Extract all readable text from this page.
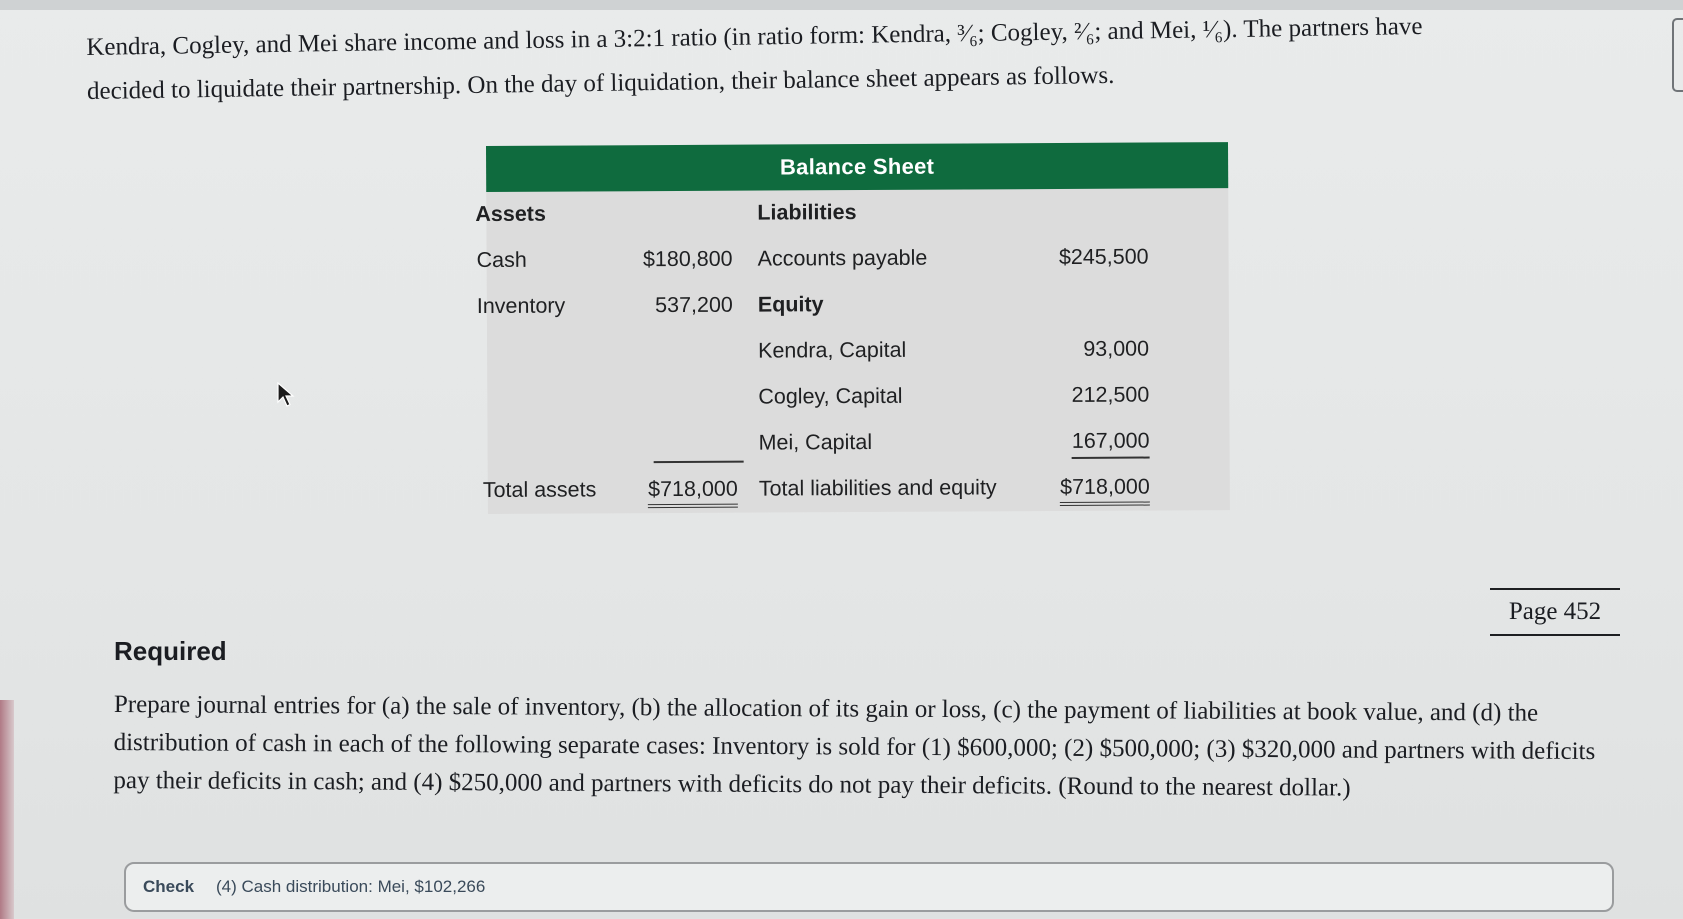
Kendra, Cogley, and Mei share income and loss in a 3:2:1 ratio (in ratio form: Kendra, ³⁄₆; Cogley, ²⁄₆; and Mei, ¹⁄₆). The partners have
decided to liquidate their partnership. On the day of liquidation, their balance sheet appears as follows.
Balance Sheet
Assets	Liabilities
Cash	$180,800 Accounts payable	$245,500
Inventory	537,200 Equity
Kendra, Capital	93,000
Cogley, Capital	212,500
Mei, Capital	167,000
Total assets	$718,000 Total liabilities and equity	$718,000
Page 452
Required
Prepare journal entries for (a) the sale of inventory, (b) the allocation of its gain or loss, (c) the payment of liabilities at book value, and (d) the distribution of cash in each of the following separate cases: Inventory is sold for (1) $600,000; (2) $500,000; (3) $320,000 and partners with deficits pay their deficits in cash; and (4) $250,000 and partners with deficits do not pay their deficits. (Round to the nearest dollar.)
Check (4) Cash distribution: Mei, $102,266
